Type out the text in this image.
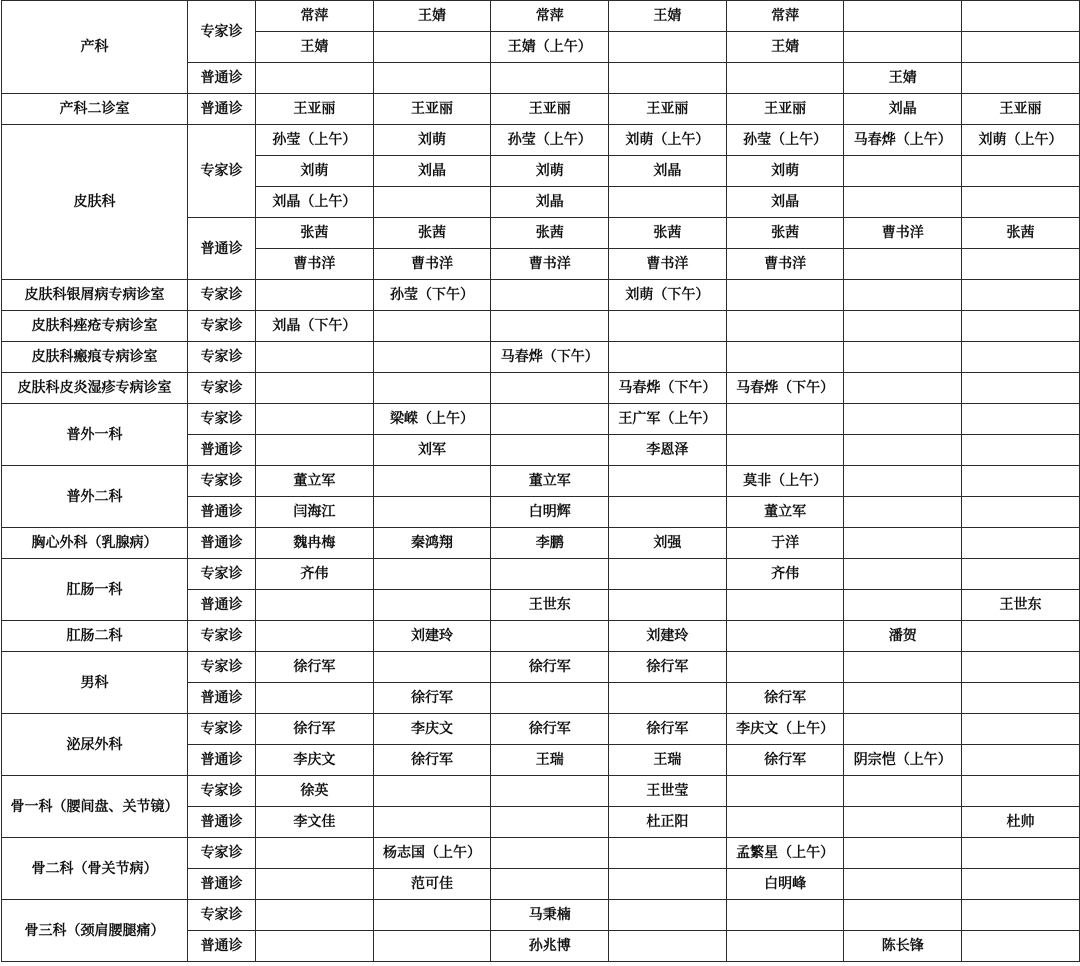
产科	专家诊	常萍	王婧	常萍	王婧	常萍		
		王婧		王婧（上午）		王婧		
	普通诊						王婧	
产科二诊室	普通诊	王亚丽	王亚丽	王亚丽	王亚丽	王亚丽	刘晶	王亚丽
皮肤科	专家诊	孙莹（上午）	刘萌	孙莹（上午）	刘萌（上午）	孙莹（上午）	马春烨（上午）	刘萌（上午）
		刘萌	刘晶	刘萌	刘晶	刘萌		
		刘晶（上午）		刘晶		刘晶		
	普通诊	张茜	张茜	张茜	张茜	张茜	曹书洋	张茜
		曹书洋	曹书洋	曹书洋	曹书洋	曹书洋		
皮肤科银屑病专病诊室	专家诊		孙莹（下午）		刘萌（下午）			
皮肤科痤疮专病诊室	专家诊	刘晶（下午）						
皮肤科瘢痕专病诊室	专家诊			马春烨（下午）				
皮肤科皮炎湿疹专病诊室	专家诊				马春烨（下午）	马春烨（下午）		
普外一科	专家诊		梁嵘（上午）		王广军（上午）			
	普通诊		刘军		李恩泽			
普外二科	专家诊	董立军		董立军		莫非（上午）		
	普通诊	闫海江		白明辉		董立军		
胸心外科（乳腺病）	普通诊	魏冉梅	秦鸿翔	李鹏	刘强	于洋		
肛肠一科	专家诊	齐伟				齐伟		
	普通诊			王世东				王世东
肛肠二科	专家诊		刘建玲		刘建玲		潘贺	
男科	专家诊	徐行军		徐行军	徐行军			
	普通诊		徐行军			徐行军		
泌尿外科	专家诊	徐行军	李庆文	徐行军	徐行军	李庆文（上午）		
	普通诊	李庆文	徐行军	王瑞	王瑞	徐行军	阴宗恺（上午）	
骨一科（腰间盘、关节镜）	专家诊	徐英			王世莹			
	普通诊	李文佳			杜正阳			杜帅
骨二科（骨关节病）	专家诊		杨志国（上午）			孟繁星（上午）		
	普通诊		范可佳			白明峰		
骨三科（颈肩腰腿痛）	专家诊			马秉楠				
	普通诊			孙兆博			陈长锋	
